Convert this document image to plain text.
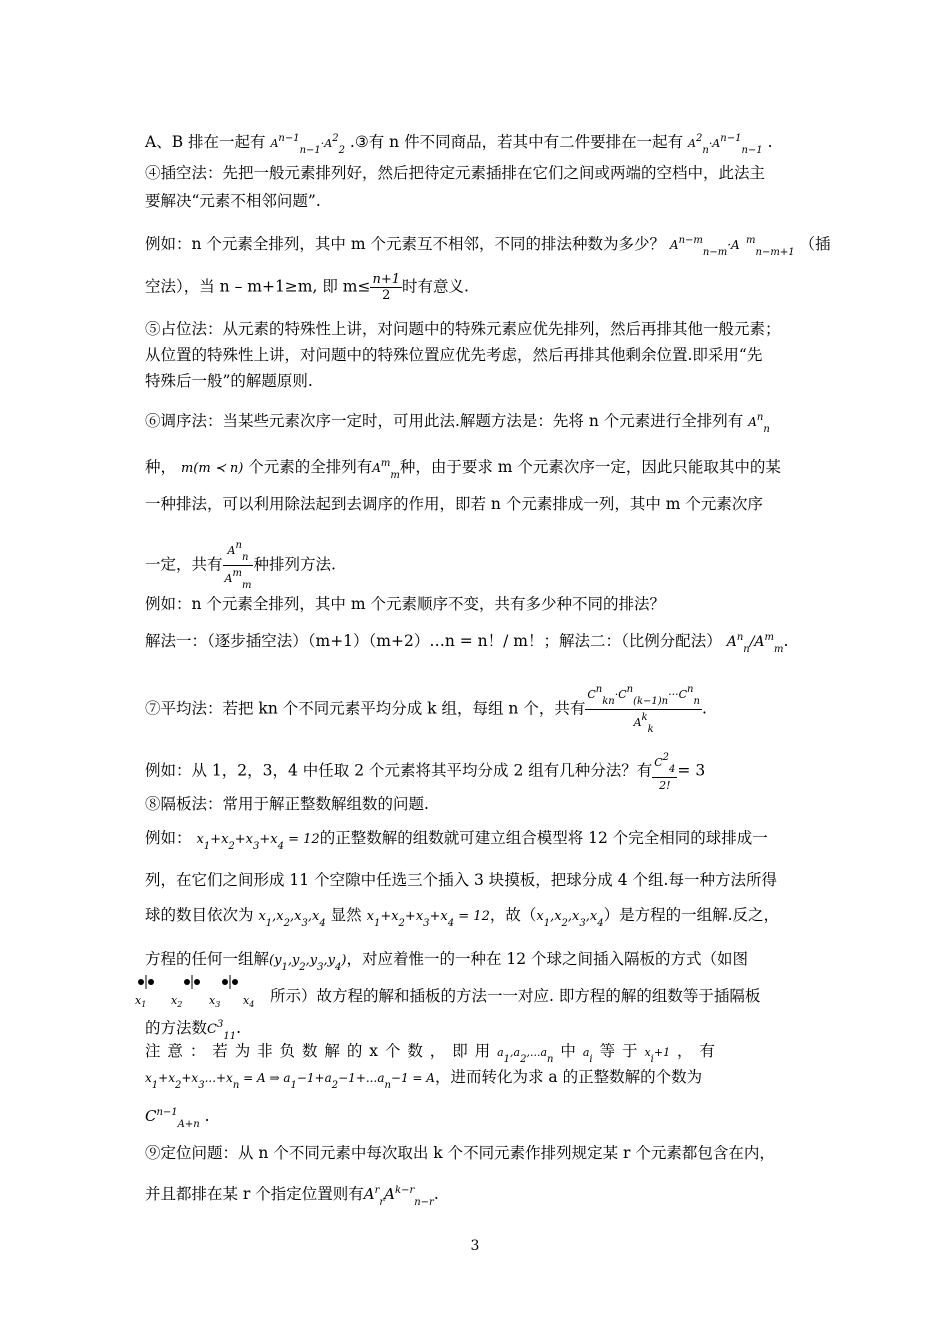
A、B 排在一起有 An−1n−1·A22 .③有 n 件不同商品，若其中有二件要排在一起有 A2n·An−1n−1 .
④插空法：先把一般元素排列好，然后把待定元素插排在它们之间或两端的空档中，此法主
要解决“元素不相邻问题”.
例如：n 个元素全排列，其中 m 个元素互不相邻，不同的排法种数为多少？ $A^{n-m}_{n-m}\cdot A$  $^m_{n-m+1}$ （插
空法），当 n – m+1≥m, 即 $m\le \frac{n+1}{2}$ 时有意义.
⑤占位法：从元素的特殊性上讲，对问题中的特殊元素应优先排列，然后再排其他一般元素；
从位置的特殊性上讲，对问题中的特殊位置应优先考虑，然后再排其他剩余位置.即采用“先
特殊后一般”的解题原则.
⑥调序法：当某些元素次序一定时，可用此法.解题方法是：先将 n 个元素进行全排列有 $A^n_n$
种， m(m ≺ n) 个元素的全排列有$A^m_m$种，由于要求 m 个元素次序一定，因此只能取其中的某
一种排法，可以利用除法起到去调序的作用，即若 n 个元素排成一列，其中 m 个元素次序
一定，共有 $\frac{\text{Ann}}{\text{Amm}}$ 种排列方法.
例如：n 个元素全排列，其中 m 个元素顺序不变，共有多少种不同的排法？
解法一：（逐步插空法）（m+1）（m+2）…n = n！/ m！；解法二：（比例分配法） $A^n_n/A^m_m$.
⑦平均法：若把 kn 个不同元素平均分成 k 组，每组 n 个，共有 $\frac{\text{Cnkn·Cn(k−1)n···Cnn}}{\text{Akk}}$ .
例如：从 1，2，3，4 中任取 2 个元素将其平均分成 2 组有几种分法？有 $\frac{C24}{2!} = 3$
⑧隔板法：常用于解正整数解组数的问题.
例如： $x_1+x_2+x_3+x_4 = 12$的正整数解的组数就可建立组合模型将 12 个完全相同的球排成一
列，在它们之间形成 11 个空隙中任选三个插入 3 块摸板，把球分成 4 个组.每一种方法所得
球的数目依次为 $x_1,x_2,x_3,x_4$ 显然 $x_1+x_2+x_3+x_4 = 12$，故$(x_1,x_2,x_3,x_4)$是方程的一组解.反之，
方程的任何一组解$(y_1,y_2,y_3,y_4)$，对应着惟一的一种在 12 个球之间插入隔板的方式（如图
$x_1$ $x_2$ $x_3$ $x_4$ 所示）故方程的解和插板的方法一一对应. 即方程的解的组数等于插隔板
的方法数$C^3_{11}$.
注 意 ： 若 为 非 负 数 解 的 x 个 数 ， 即 用 a1,a2,...an 中 ai 等 于 xi+1 ， 有
$x_1+x_2+x_3...+x_n = A$ ⇒ $a_1-1+a_2-1+...a_n-1 = A$，进而转化为求 a 的正整数解的个数为
$C^{n-1}_{A+n}$ .
⑨定位问题：从 n 个不同元素中每次取出 k 个不同元素作排列规定某 r 个元素都包含在内，
并且都排在某 r 个指定位置则有$A^r_rA^{k-r}_{n-r}$.
3
